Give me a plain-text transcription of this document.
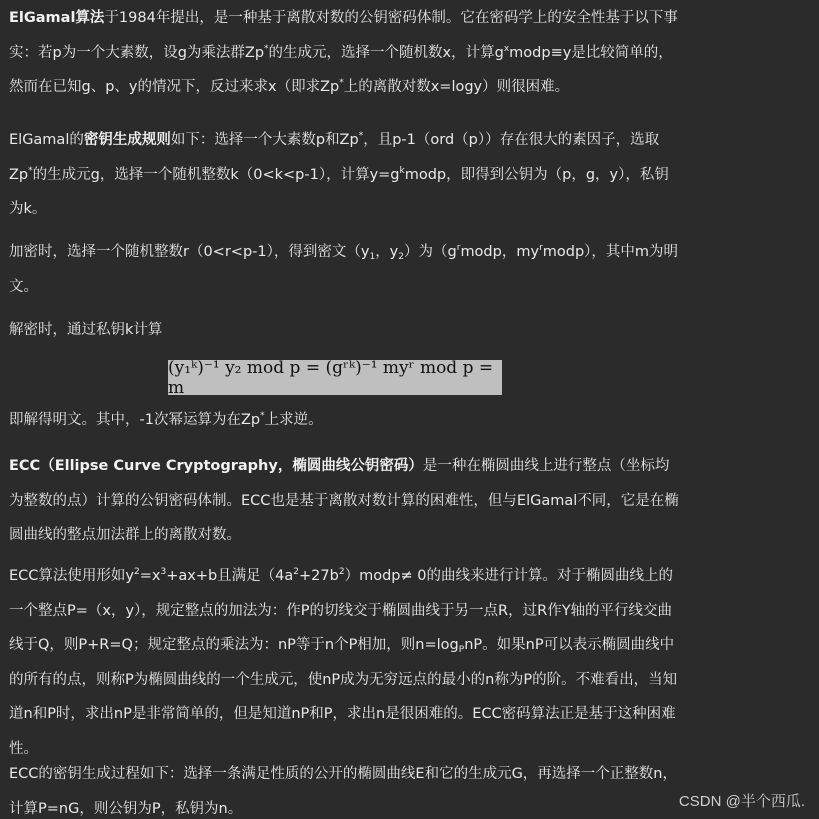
ElGamal算法于1984年提出，是一种基于离散对数的公钥密码体制。它在密码学上的安全性基于以下事实：若p为一个大素数，设g为乘法群Zp*的生成元，选择一个随机数x，计算$g^xmodp\equiv y$是比较简单的，然而在已知g、p、y的情况下，反过来求x（即求Zp*上的离散对数x=logy）则很困难。

ElGamal的密钥生成规则如下：选择一个大素数p和Zp*，且p-1（ord（p））存在很大的素因子，选取Zp*的生成元g，选择一个随机整数k（0<k<p-1），计算$y=g^kmodp$，即得到公钥为（p，g，y），私钥为k。

加密时，选择一个随机整数r（0<r<p-1），得到密文（$y_1$，$y_2$）为（$g^rmodp$，$my^rmodp$），其中m为明文。

解密时，通过私钥k计算

即解得明文。其中，-1次幂运算为在Zp*上求逆。

ECC（Ellipse Curve Cryptography，椭圆曲线公钥密码）是一种在椭圆曲线上进行整点（坐标均为整数的点）计算的公钥密码体制。ECC也是基于离散对数计算的困难性，但与ElGamal不同，它是在椭圆曲线的整点加法群上的离散对数。

ECC算法使用形如$y^2=x^3+ax+b$且满足$(4a^2+27b^2)modp\ne 0$的曲线来进行计算。对于椭圆曲线上的一个整点P=（x，y），规定整点的加法为：作P的切线交于椭圆曲线于另一点R，过R作Y轴的平行线交曲线于Q，则P+R=Q；规定整点的乘法为：nP等于n个P相加，则$n=\log_PnP$。如果nP可以表示椭圆曲线中的所有的点，则称P为椭圆曲线的一个生成元，使nP成为无穷远点的最小的n称为P的阶。不难看出，当知道n和P时，求出nP是非常简单的，但是知道nP和P，求出n是很困难的。ECC密码算法正是基于这种困难性。

ECC的密钥生成过程如下：选择一条满足性质的公开的椭圆曲线E和它的生成元G，再选择一个正整数n，计算P=nG，则公钥为P，私钥为n。

(y₁ᵏ)⁻¹ y₂ mod p = (gʳᵏ)⁻¹ myʳ mod p = m
CSDN @半个西瓜.
